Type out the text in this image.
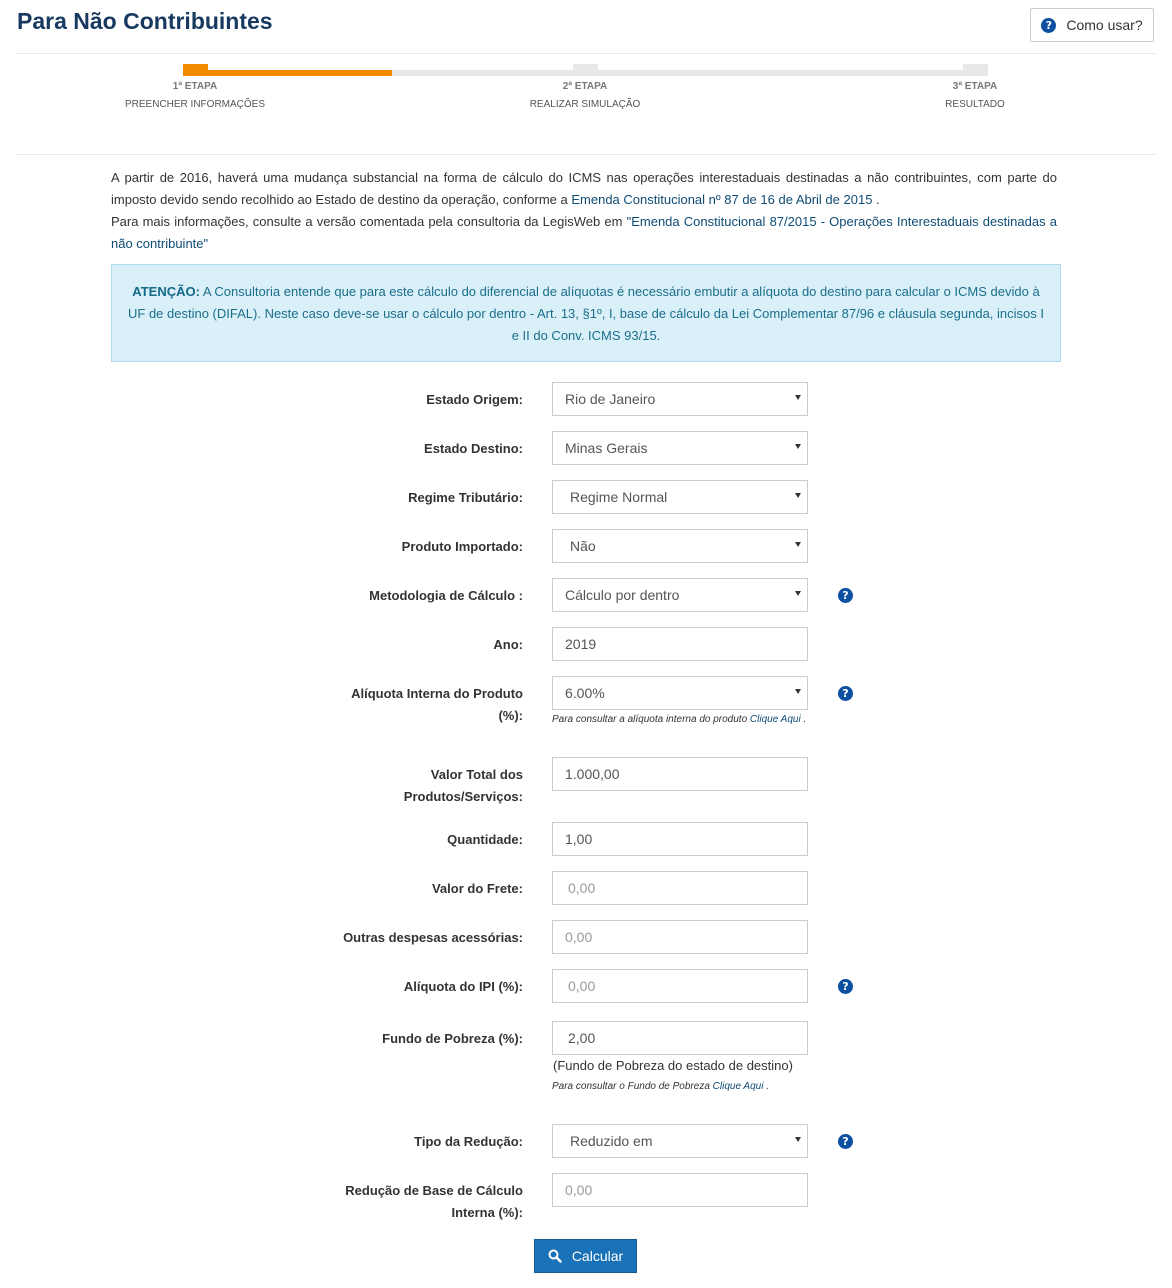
Para Não Contribuintes	?	Como usar?
1ª ETAPA
PREENCHER INFORMAÇÕES
2ª ETAPA
REALIZAR SIMULAÇÃO
3ª ETAPA
RESULTADO
A partir de 2016, haverá uma mudança substancial na forma de cálculo do ICMS nas operações interestaduais destinadas a não contribuintes, com parte do imposto devido sendo recolhido ao Estado de destino da operação, conforme a Emenda Constitucional nº 87 de 16 de Abril de 2015 .
Para mais informações, consulte a versão comentada pela consultoria da LegisWeb em "Emenda Constitucional 87/2015 - Operações Interestaduais destinadas a não contribuinte"
ATENÇÃO: A Consultoria entende que para este cálculo do diferencial de alíquotas é necessário embutir a alíquota do destino para calcular o ICMS devido à UF de destino (DIFAL). Neste caso deve-se usar o cálculo por dentro - Art. 13, §1º, I, base de cálculo da Lei Complementar 87/96 e cláusula segunda, incisos I e II do Conv. ICMS 93/15.
Estado Origem:	Rio de Janeiro
Estado Destino:	Minas Gerais
Regime Tributário:	Regime Normal
Produto Importado:	Não
Metodologia de Cálculo :	Cálculo por dentro	?
Ano:	2019
Alíquota Interna do Produto (%):
6.00%	?
Para consultar a alíquota interna do produto Clique Aqui .
Valor Total dos
Produtos/Serviços:
1.000,00
Quantidade:	1,00
Valor do Frete:	0,00
Outras despesas acessórias:	0,00
Alíquota do IPI (%):	0,00	?
Fundo de Pobreza (%):	2,00
(Fundo de Pobreza do estado de destino)
Para consultar o Fundo de Pobreza Clique Aqui .
Tipo da Redução:	Reduzido em	?
Redução de Base de Cálculo
Interna (%):
0,00
Calcular
